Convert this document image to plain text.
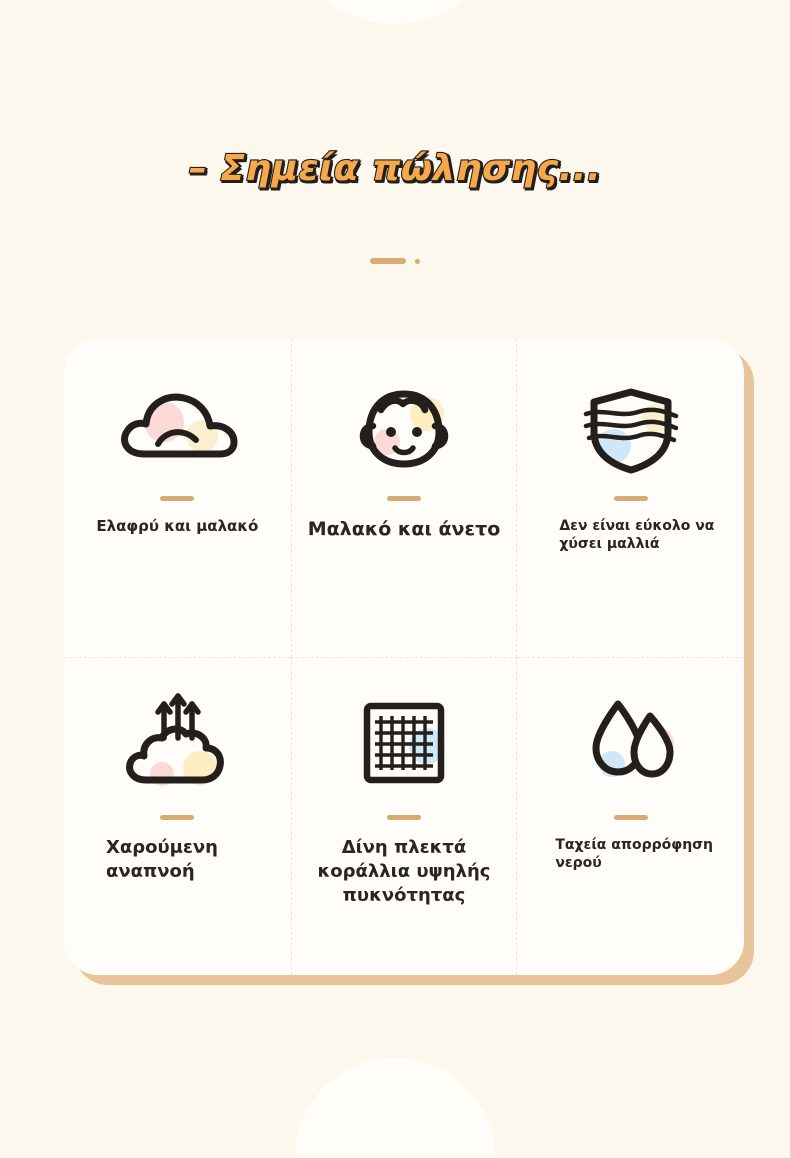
– Σημεία πώλησης...
Ελαφρύ και μαλακό	Μαλακό και άνετο	Δεν είναι εύκολο να χύσει μαλλιά
Χαρούμενη αναπνοή
Δίνη πλεκτά κοράλλια υψηλής πυκνότητας
Ταχεία απορρόφηση νερού
